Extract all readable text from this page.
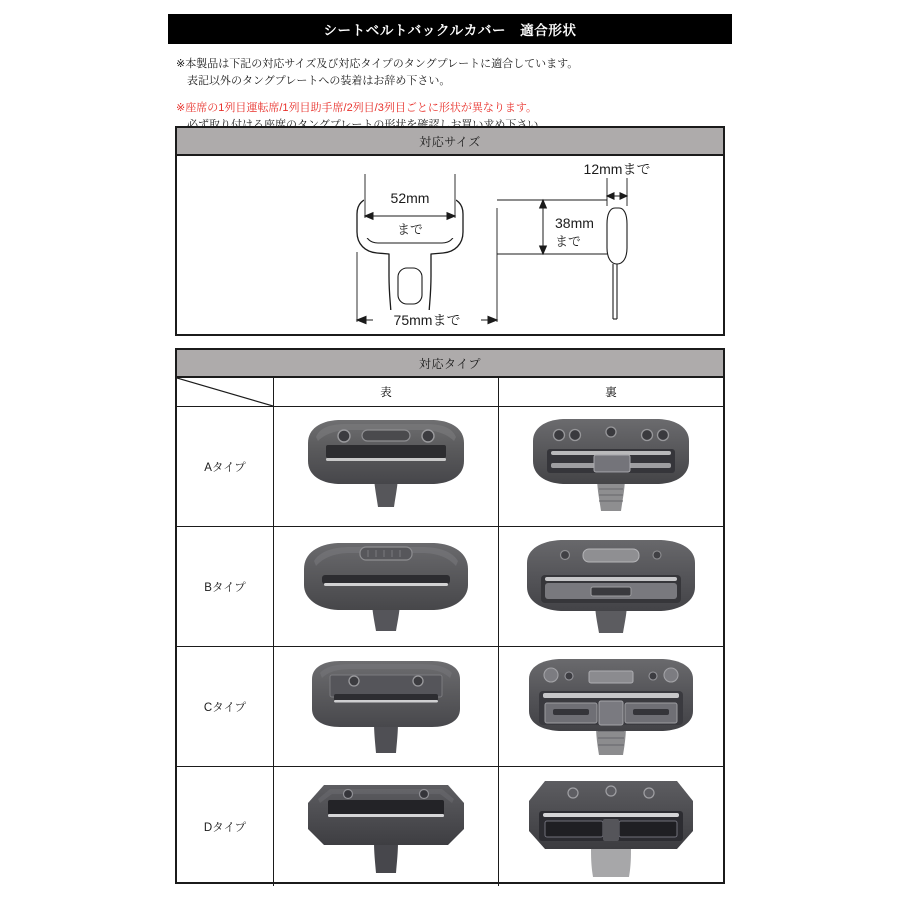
シートベルトバックルカバー　適合形状
※本製品は下記の対応サイズ及び対応タイプのタングプレートに適合しています。
表記以外のタングプレートへの装着はお辞め下さい。
※座席の1列目運転席/1列目助手席/2列目/3列目ごとに形状が異なります。
対応サイズ
52mm
まで
75mmまで
38mm
まで
12mmまで
対応タイプ
表	裏
Aタイプ
Bタイプ
Cタイプ
Dタイプ
